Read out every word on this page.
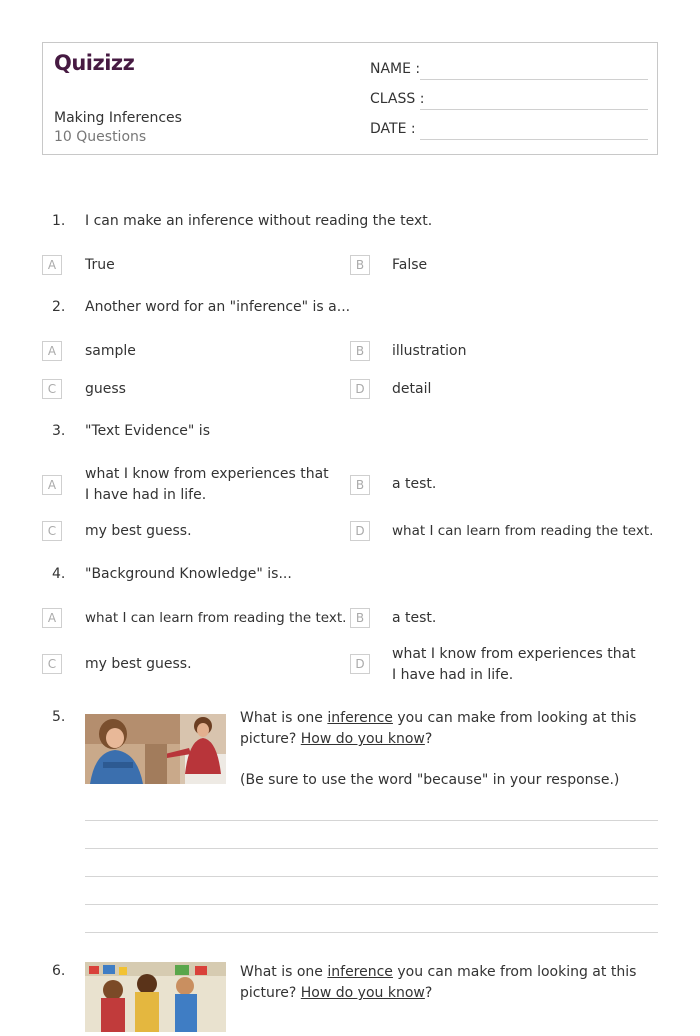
Quizizz
Making Inferences
10 Questions
NAME :
CLASS :
DATE :
1. I can make an inference without reading the text.
A	True	B	False
2. Another word for an "inference" is a...
A	sample	B	illustration
C	guess	D	detail
3. "Text Evidence" is
A
what I know from experiences that I have had in life.
B	a test.
C	my best guess.	D	what I can learn from reading the text.
4. "Background Knowledge" is...
A	what I can learn from reading the text. B	a test.
C	my best guess.	D
what I know from experiences that I have had in life.
5.	What is one inference you can make from looking at this picture? How do you know?
(Be sure to use the word "because" in your response.)
6.	What is one inference you can make from looking at this picture? How do you know?
